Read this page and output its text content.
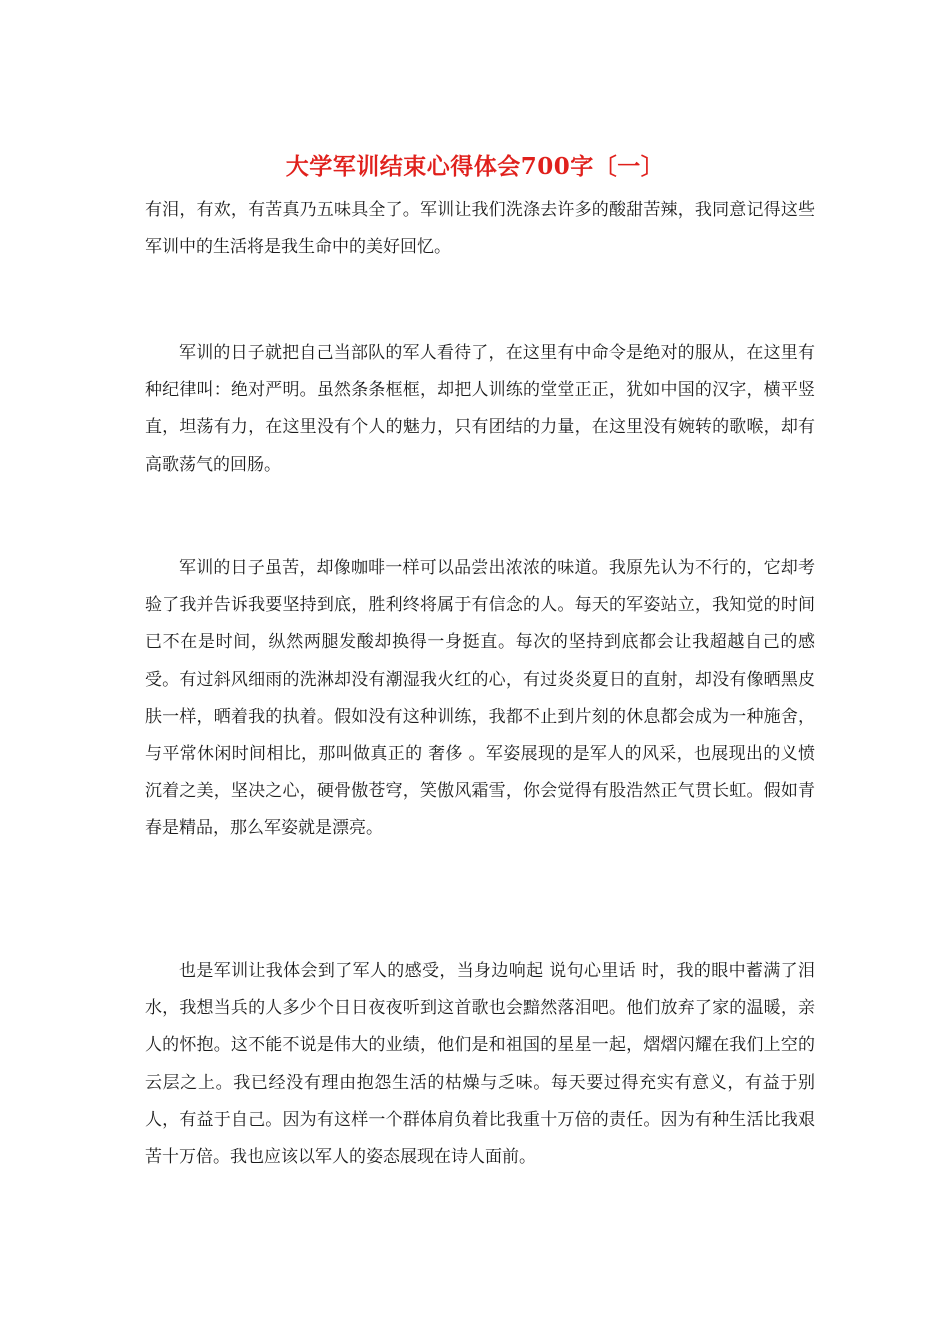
大学军训结束心得体会700字〔一〕

有泪，有欢，有苦真乃五味具全了。军训让我们洗涤去许多的酸甜苦辣，我同意记得这些军训中的生活将是我生命中的美好回忆。

军训的日子就把自己当部队的军人看待了，在这里有中命令是绝对的服从，在这里有种纪律叫：绝对严明。虽然条条框框，却把人训练的堂堂正正，犹如中国的汉字，横平竖直，坦荡有力，在这里没有个人的魅力，只有团结的力量，在这里没有婉转的歌喉，却有高歌荡气的回肠。

军训的日子虽苦，却像咖啡一样可以品尝出浓浓的味道。我原先认为不行的，它却考验了我并告诉我要坚持到底，胜利终将属于有信念的人。每天的军姿站立，我知觉的时间已不在是时间，纵然两腿发酸却换得一身挺直。每次的坚持到底都会让我超越自己的感受。有过斜风细雨的洗淋却没有潮湿我火红的心，有过炎炎夏日的直射，却没有像晒黑皮肤一样，晒着我的执着。假如没有这种训练，我都不止到片刻的休息都会成为一种施舍，与平常休闲时间相比，那叫做真正的 奢侈 。军姿展现的是军人的风采，也展现出的义愤沉着之美，坚决之心，硬骨傲苍穹，笑傲风霜雪，你会觉得有股浩然正气贯长虹。假如青春是精品，那么军姿就是漂亮。

也是军训让我体会到了军人的感受，当身边响起 说句心里话 时，我的眼中蓄满了泪水，我想当兵的人多少个日日夜夜听到这首歌也会黯然落泪吧。他们放弃了家的温暖，亲人的怀抱。这不能不说是伟大的业绩，他们是和祖国的星星一起，熠熠闪耀在我们上空的云层之上。我已经没有理由抱怨生活的枯燥与乏味。每天要过得充实有意义，有益于别人，有益于自己。因为有这样一个群体肩负着比我重十万倍的责任。因为有种生活比我艰苦十万倍。我也应该以军人的姿态展现在诗人面前。
